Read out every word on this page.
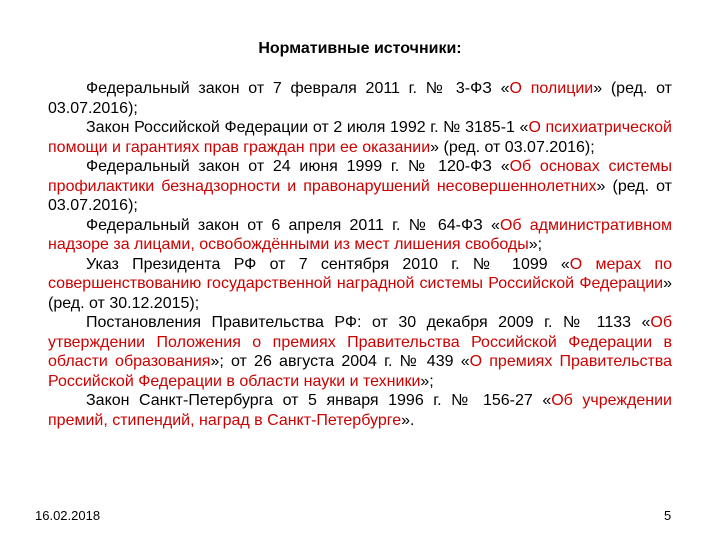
Нормативные источники:

Федеральный закон от 7 февраля 2011 г. № 3-ФЗ «О полиции» (ред. от 03.07.2016);

Закон Российской Федерации от 2 июля 1992 г. № 3185-1 «О психиатрической помощи и гарантиях прав граждан при ее оказании» (ред. от 03.07.2016);

Федеральный закон от 24 июня 1999 г. № 120-ФЗ «Об основах системы профилактики безнадзорности и правонарушений несовершеннолетних» (ред. от 03.07.2016);

Федеральный закон от 6 апреля 2011 г. № 64-ФЗ «Об административном надзоре за лицами, освобождёнными из мест лишения свободы»;

Указ Президента РФ от 7 сентября 2010 г. № 1099 «О мерах по совершенствованию государственной наградной системы Российской Федерации» (ред. от 30.12.2015);

Постановления Правительства РФ: от 30 декабря 2009 г. № 1133 «Об утверждении Положения о премиях Правительства Российской Федерации в области образования»; от 26 августа 2004 г. № 439 «О премиях Правительства Российской Федерации в области науки и техники»;

Закон Санкт-Петербурга от 5 января 1996 г. № 156-27 «Об учреждении премий, стипендий, наград в Санкт-Петербурге».

16.02.2018	5
